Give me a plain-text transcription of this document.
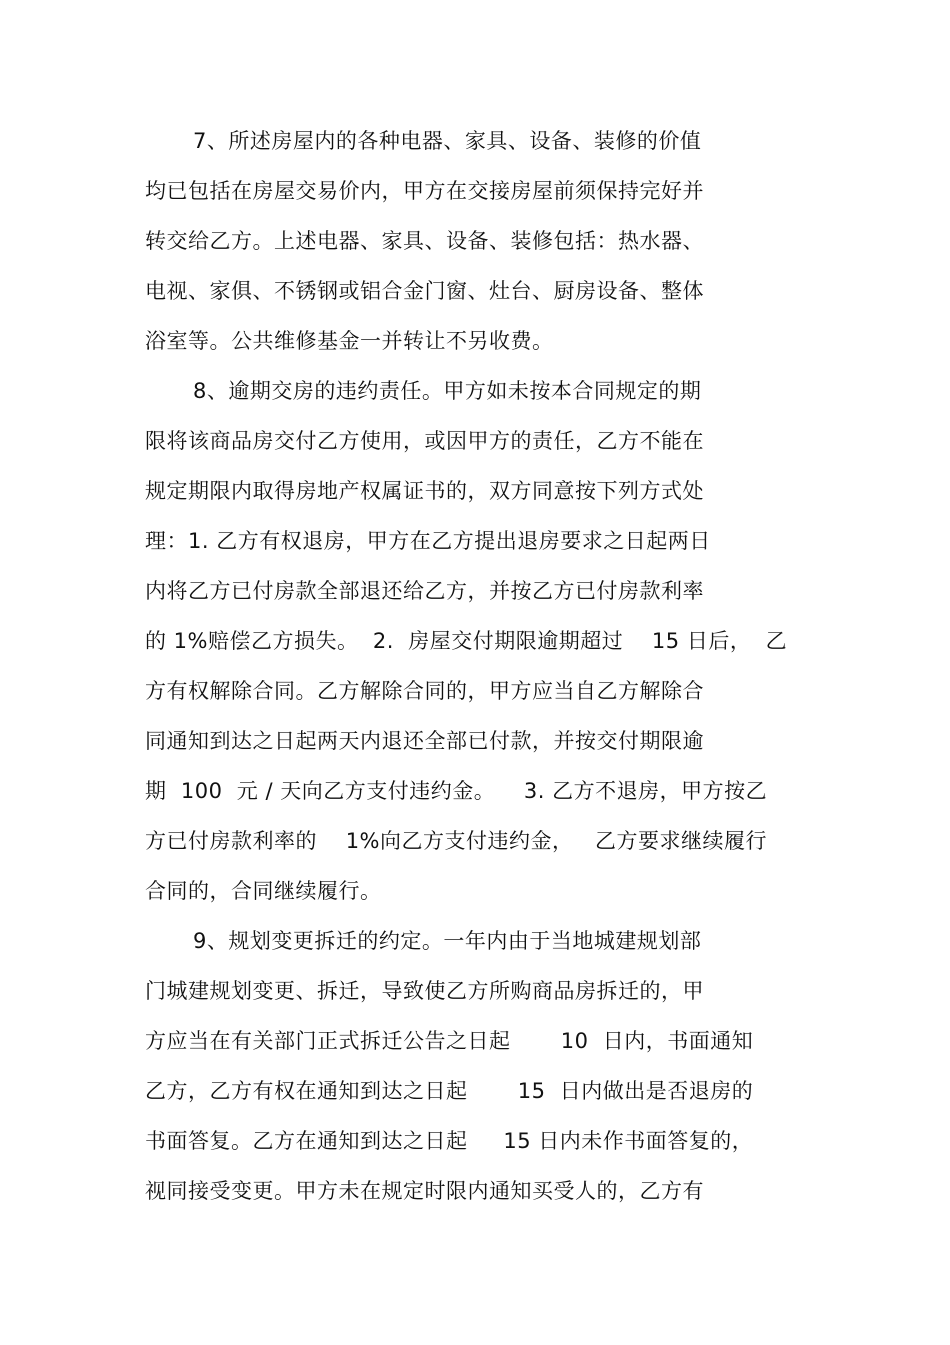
7、所述房屋内的各种电器、家具、设备、装修的价值
均已包括在房屋交易价内，甲方在交接房屋前须保持完好并
转交给乙方。上述电器、家具、设备、装修包括：热水器、
电视、家俱、不锈钢或铝合金门窗、灶台、厨房设备、整体
浴室等。公共维修基金一并转让不另收费。
8、逾期交房的违约责任。甲方如未按本合同规定的期
限将该商品房交付乙方使用，或因甲方的责任，乙方不能在
规定期限内取得房地产权属证书的，双方同意按下列方式处
理：1. 乙方有权退房，甲方在乙方提出退房要求之日起两日
内将乙方已付房款全部退还给乙方，并按乙方已付房款利率
的 1%赔偿乙方损失。  2.  房屋交付期限逾期超过    15 日后，  乙
方有权解除合同。乙方解除合同的，甲方应当自乙方解除合
同通知到达之日起两天内退还全部已付款，并按交付期限逾
期  100  元 / 天向乙方支付违约金。    3. 乙方不退房，甲方按乙
方已付房款利率的    1%向乙方支付违约金，   乙方要求继续履行
合同的，合同继续履行。
9、规划变更拆迁的约定。一年内由于当地城建规划部
门城建规划变更、拆迁，导致使乙方所购商品房拆迁的，甲
方应当在有关部门正式拆迁公告之日起       10  日内，书面通知
乙方，乙方有权在通知到达之日起       15  日内做出是否退房的
书面答复。乙方在通知到达之日起     15 日内未作书面答复的，
视同接受变更。甲方未在规定时限内通知买受人的，乙方有
